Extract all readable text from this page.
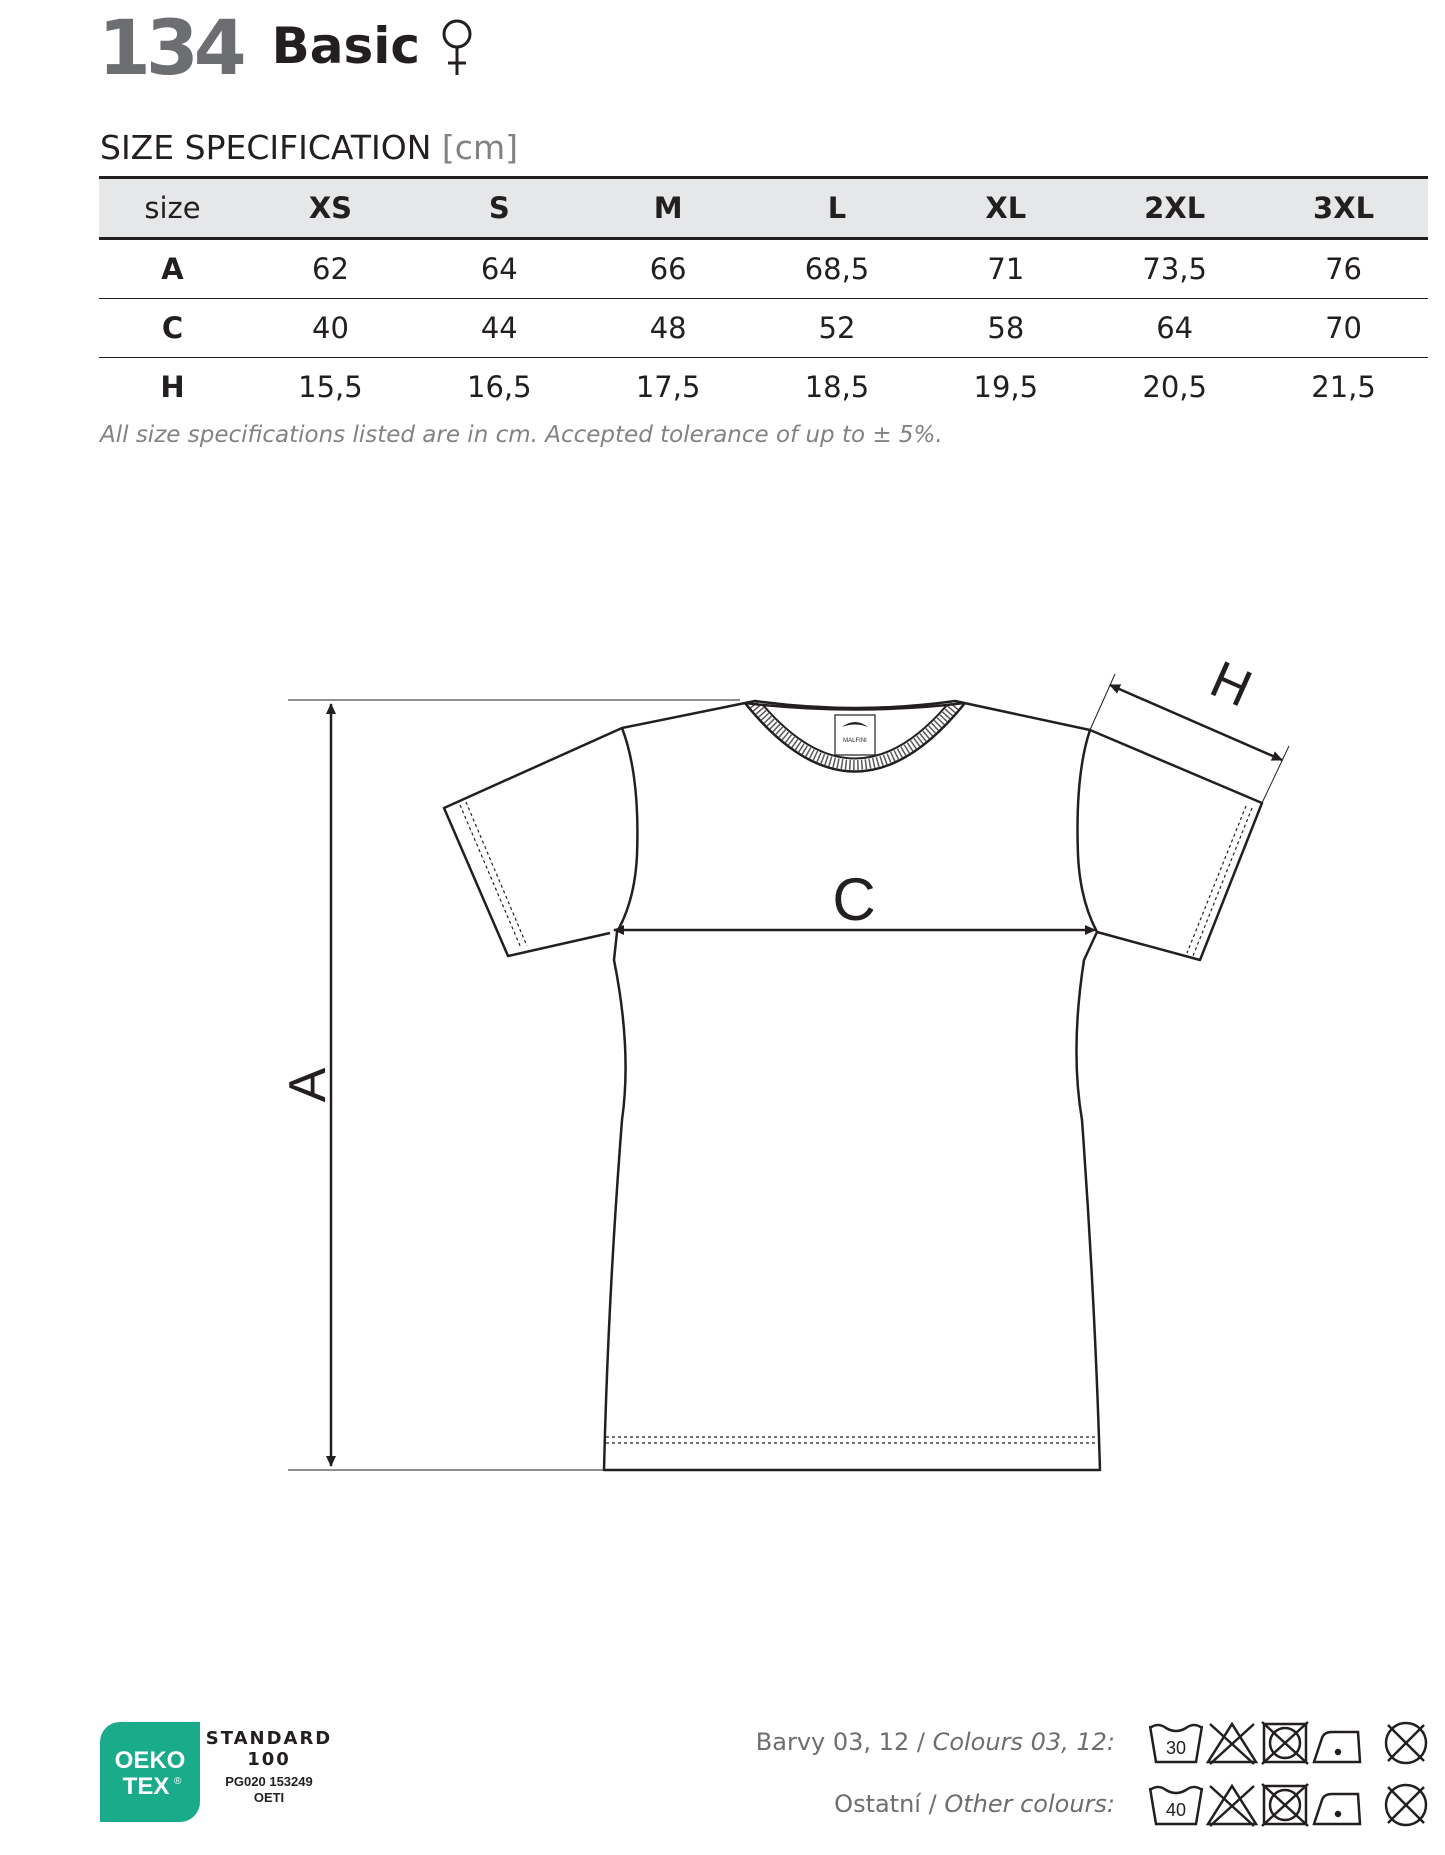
134 Basic
SIZE SPECIFICATION [cm]
size	XS	S	M	L	XL	2XL	3XL
A	62	64	66	68,5	71	73,5	76
C	40	44	48	52	58	64	70
H	15,5	16,5	17,5	18,5	19,5	20,5	21,5
All size specifications listed are in cm. Accepted tolerance of up to ± 5%.
MALFINI
A
C
H
OEKO
TEX ®
STANDARD
100
PG020 153249
OETI
Barvy 03, 12 / Colours 03, 12:
Ostatní / Other colours:
30
40
